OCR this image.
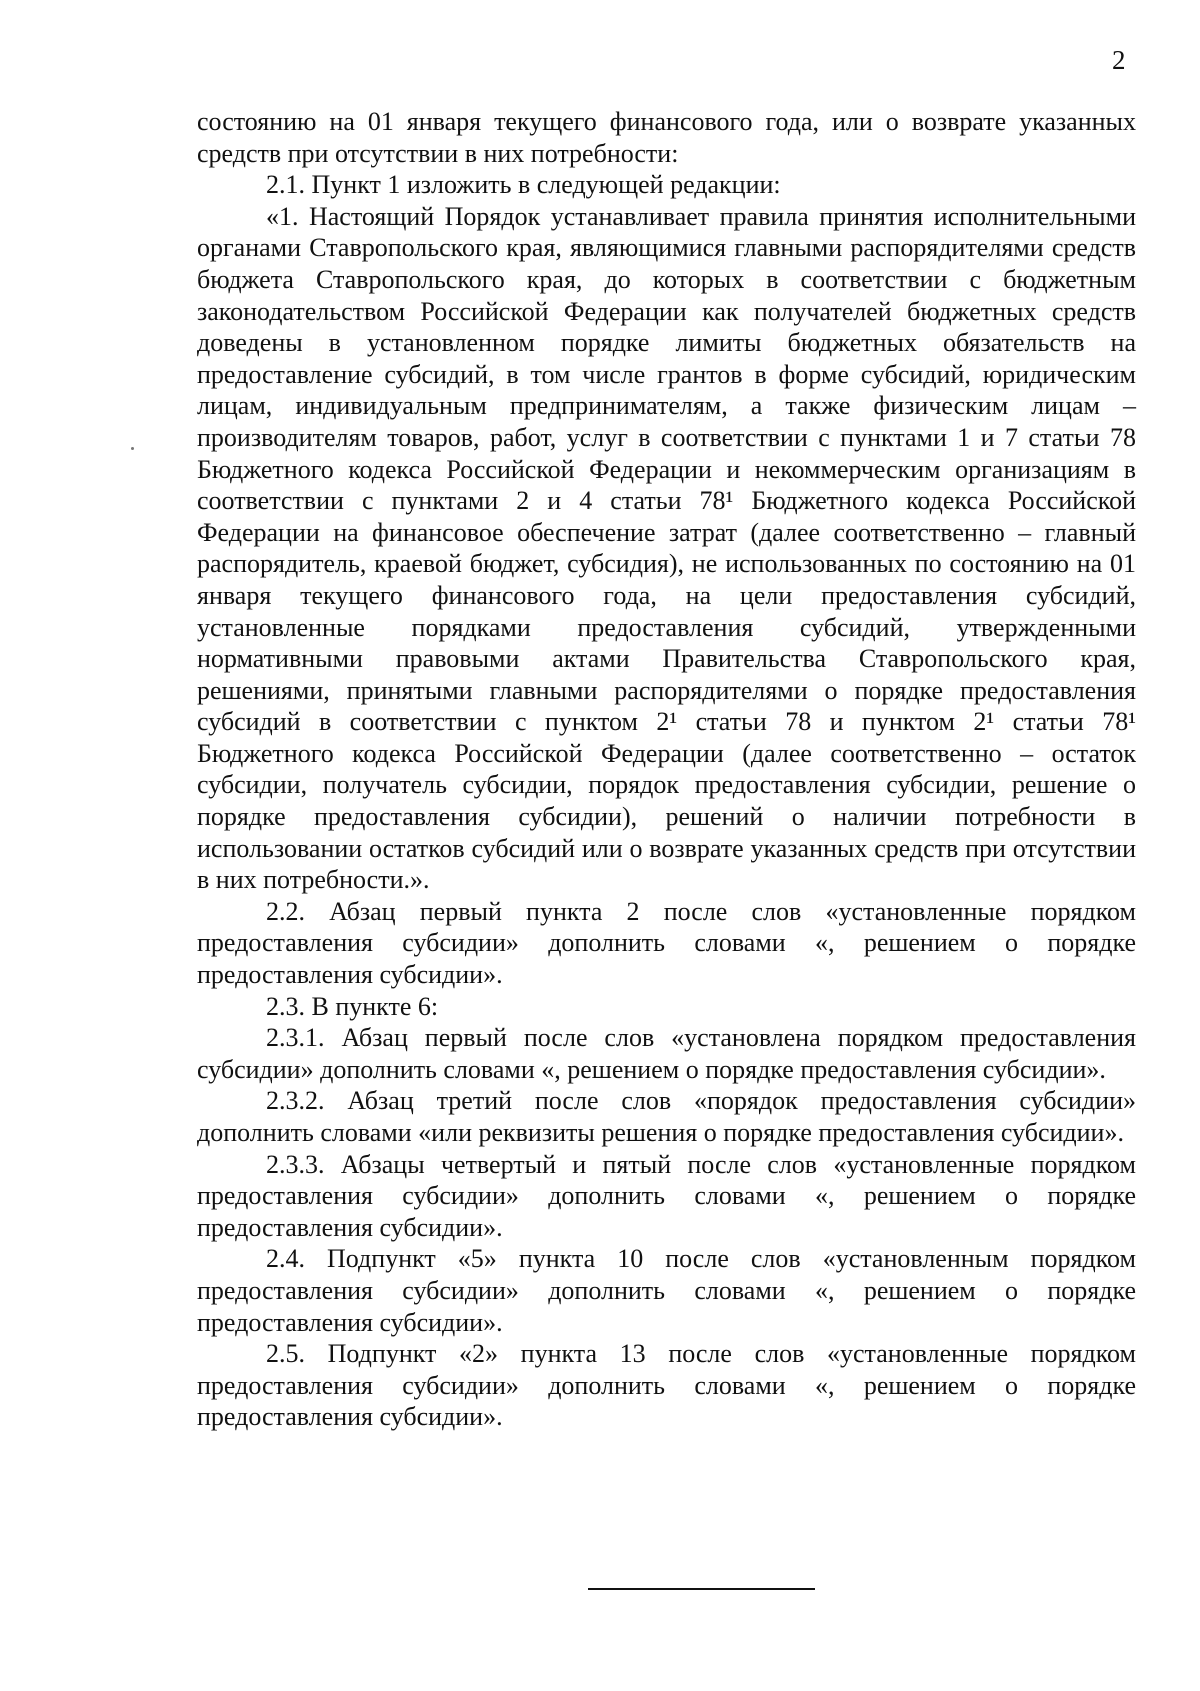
2

состоянию на 01 января текущего финансового года, или о возврате указанных средств при отсутствии в них потребности:

2.1. Пункт 1 изложить в следующей редакции:

«1. Настоящий Порядок устанавливает правила принятия исполнительными органами Ставропольского края, являющимися главными распорядителями средств бюджета Ставропольского края, до которых в соответствии с бюджетным законодательством Российской Федерации как получателей бюджетных средств доведены в установленном порядке лимиты бюджетных обязательств на предоставление субсидий, в том числе грантов в форме субсидий, юридическим лицам, индивидуальным предпринимателям, а также физическим лицам – производителям товаров, работ, услуг в соответствии с пунктами 1 и 7 статьи 78 Бюджетного кодекса Российской Федерации и некоммерческим организациям в соответствии с пунктами 2 и 4 статьи 78¹ Бюджетного кодекса Российской Федерации на финансовое обеспечение затрат (далее соответственно – главный распорядитель, краевой бюджет, субсидия), не использованных по состоянию на 01 января текущего финансового года, на цели предоставления субсидий, установленные порядками предоставления субсидий, утвержденными нормативными правовыми актами Правительства Ставропольского края, решениями, принятыми главными распорядителями о порядке предоставления субсидий в соответствии с пунктом 2¹ статьи 78 и пунктом 2¹ статьи 78¹ Бюджетного кодекса Российской Федерации (далее соответственно – остаток субсидии, получатель субсидии, порядок предоставления субсидии, решение о порядке предоставления субсидии), решений о наличии потребности в использовании остатков субсидий или о возврате указанных средств при отсутствии в них потребности.».

2.2. Абзац первый пункта 2 после слов «установленные порядком предоставления субсидии» дополнить словами «, решением о порядке предоставления субсидии».

2.3. В пункте 6:

2.3.1. Абзац первый после слов «установлена порядком предоставления субсидии» дополнить словами «, решением о порядке предоставления субсидии».

2.3.2. Абзац третий после слов «порядок предоставления субсидии» дополнить словами «или реквизиты решения о порядке предоставления субсидии».

2.3.3. Абзацы четвертый и пятый после слов «установленные порядком предоставления субсидии» дополнить словами «, решением о порядке предоставления субсидии».

2.4. Подпункт «5» пункта 10 после слов «установленным порядком предоставления субсидии» дополнить словами «, решением о порядке предоставления субсидии».

2.5. Подпункт «2» пункта 13 после слов «установленные порядком предоставления субсидии» дополнить словами «, решением о порядке предоставления субсидии».
